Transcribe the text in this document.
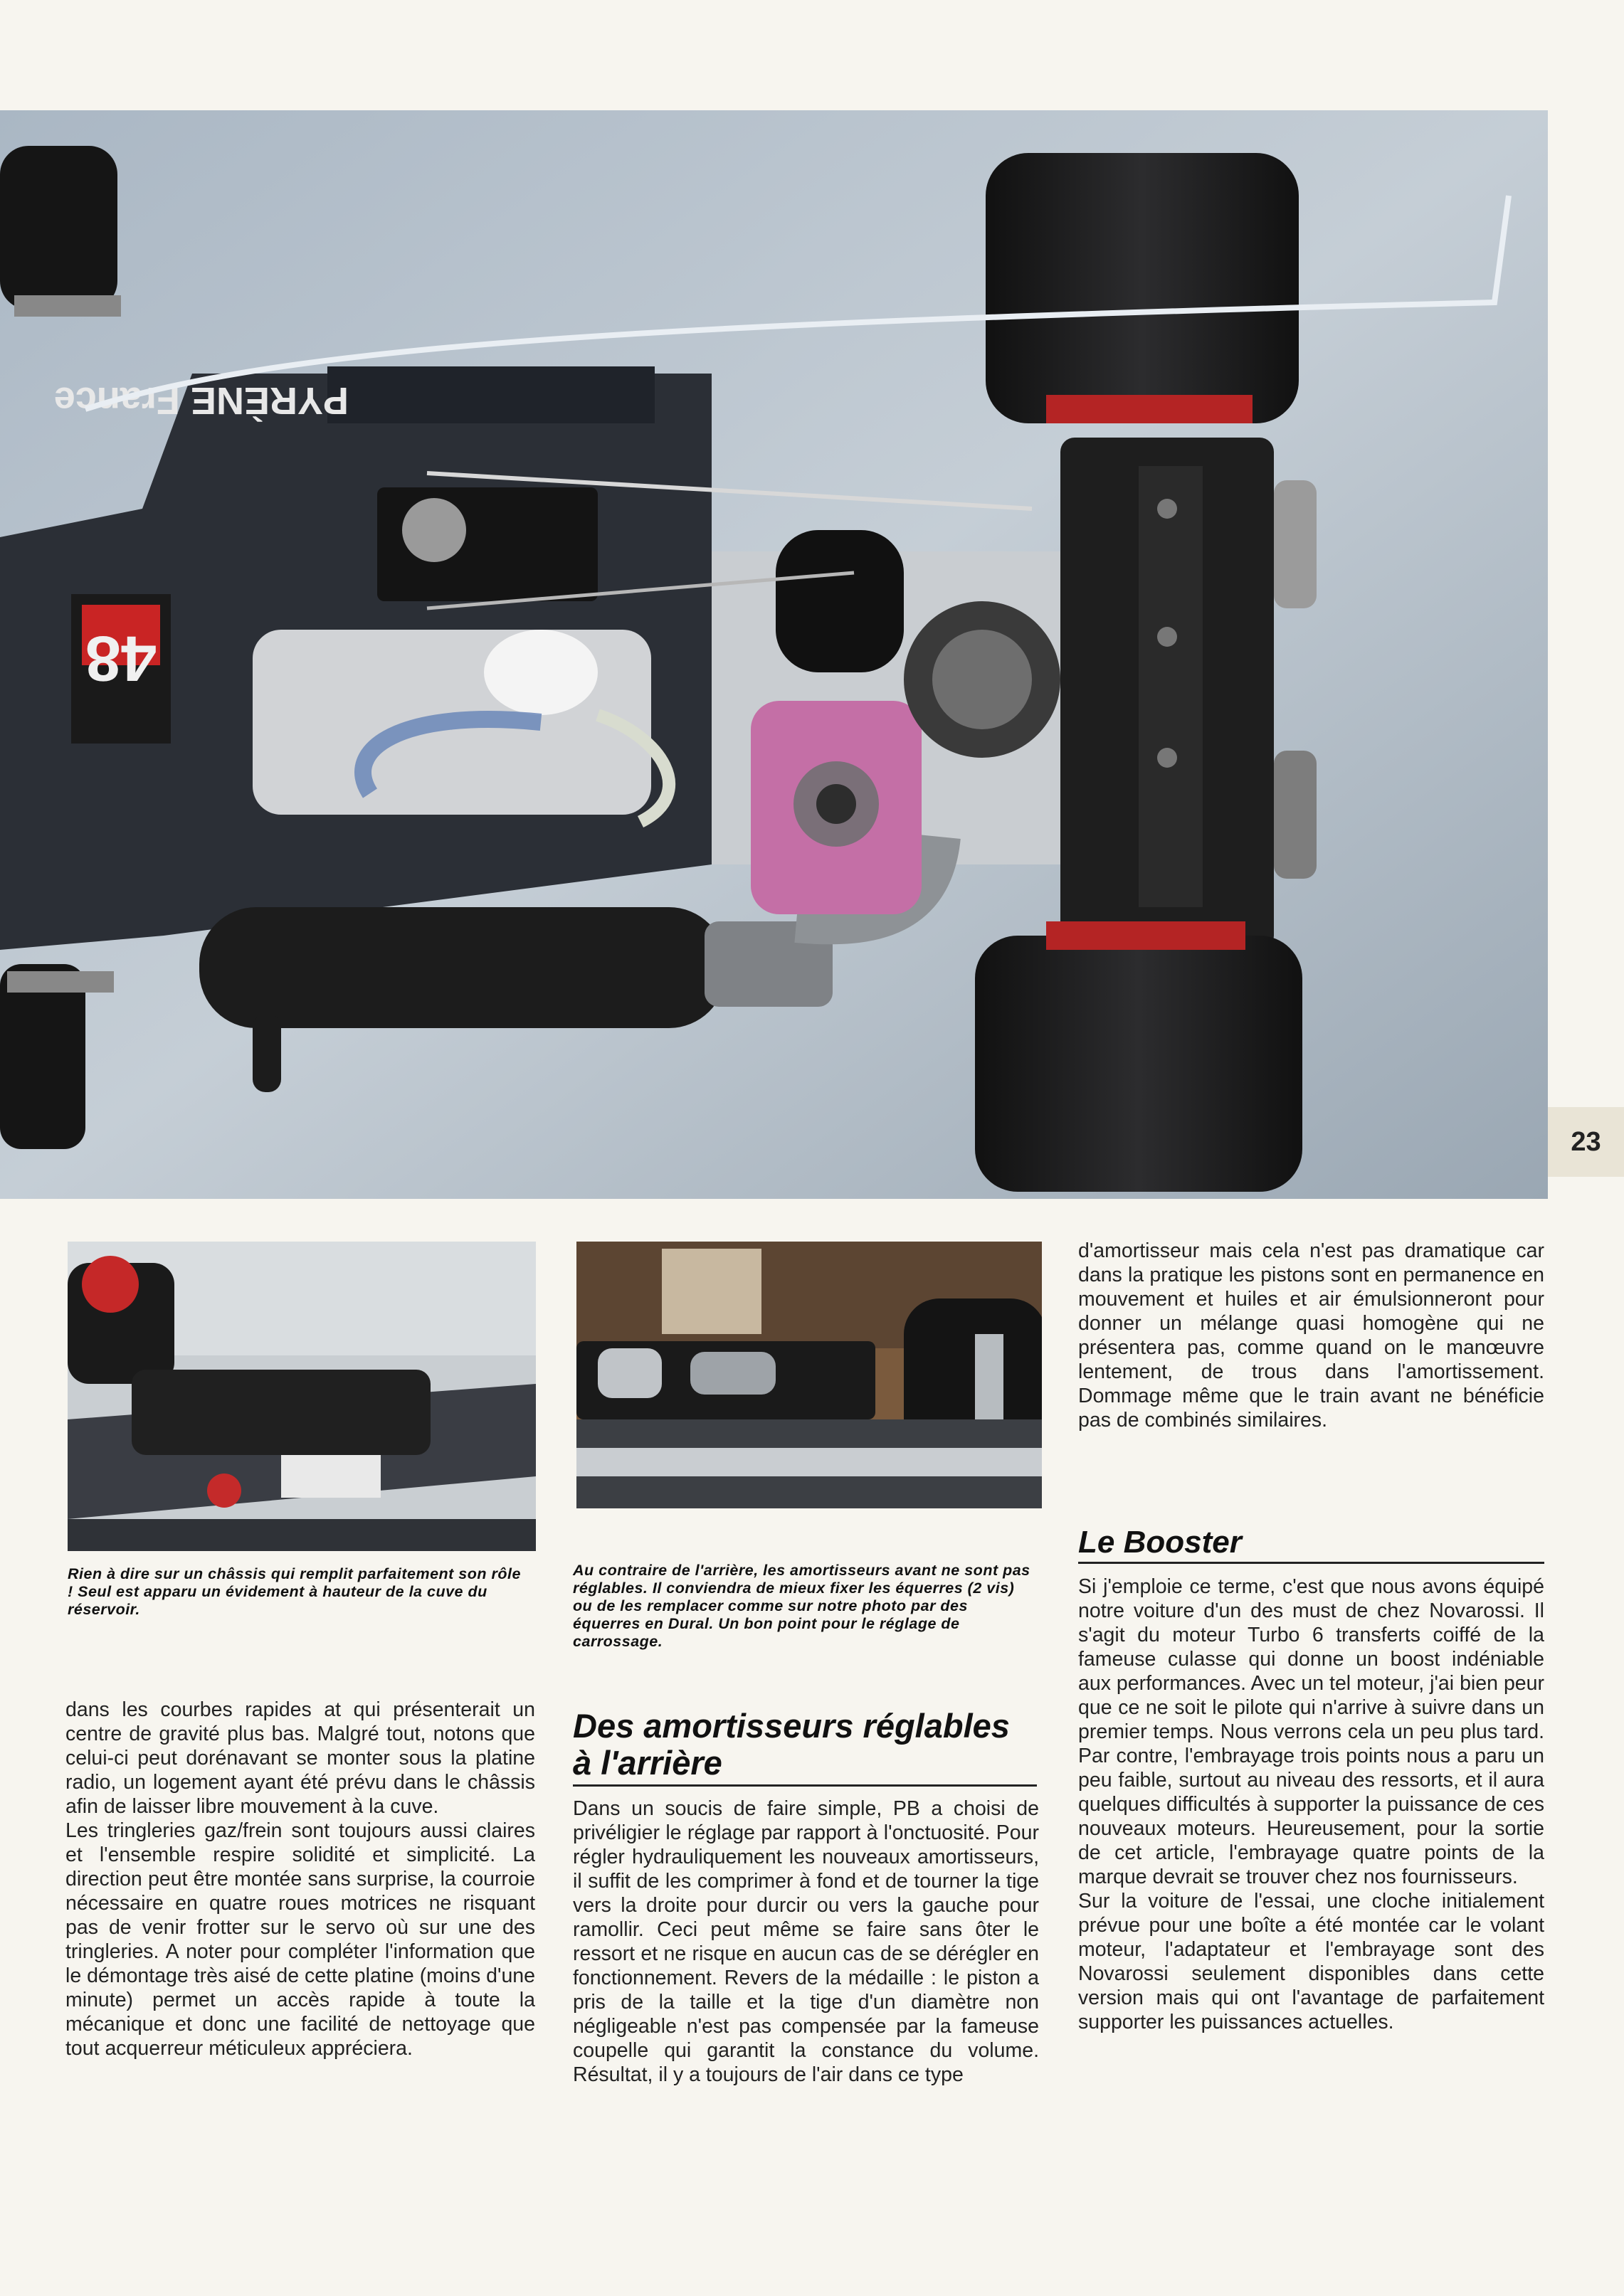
PYRÈNE France
48
23
Rien à dire sur un châssis qui remplit parfaitement son rôle ! Seul est apparu un évidement à hauteur de la cuve du réservoir.
Au contraire de l'arrière, les amortisseurs avant ne sont pas réglables. Il conviendra de mieux fixer les équerres (2 vis) ou de les remplacer comme sur notre photo par des équerres en Dural. Un bon point pour le réglage de carrossage.

dans les courbes rapides at qui présenterait un centre de gravité plus bas. Malgré tout, notons que celui-ci peut dorénavant se monter sous la platine radio, un logement ayant été prévu dans le châssis afin de laisser libre mouvement à la cuve.
Les tringleries gaz/frein sont toujours aussi claires et l'ensemble respire solidité et simplicité. La direction peut être montée sans surprise, la courroie nécessaire en quatre roues motrices ne risquant pas de venir frotter sur le servo où sur une des tringleries. A noter pour compléter l'information que le démontage très aisé de cette platine (moins d'une minute) permet un accès rapide à toute la mécanique et donc une facilité de nettoyage que tout acquerreur méticuleux appréciera.

Des amortisseurs réglables à l'arrière

Dans un soucis de faire simple, PB a choisi de privéligier le réglage par rapport à l'onctuosité. Pour régler hydrauliquement les nouveaux amortisseurs, il suffit de les comprimer à fond et de tourner la tige vers la droite pour durcir ou vers la gauche pour ramollir. Ceci peut même se faire sans ôter le ressort et ne risque en aucun cas de se dérégler en fonctionnement. Revers de la médaille : le piston a pris de la taille et la tige d'un diamètre non négligeable n'est pas compensée par la fameuse coupelle qui garantit la constance du volume. Résultat, il y a toujours de l'air dans ce type

d'amortisseur mais cela n'est pas dramatique car dans la pratique les pistons sont en permanence en mouvement et huiles et air émulsionneront pour donner un mélange quasi homogène qui ne présentera pas, comme quand on le manœuvre lentement, de trous dans l'amortissement. Dommage même que le train avant ne bénéficie pas de combinés similaires.

Le Booster

Si j'emploie ce terme, c'est que nous avons équipé notre voiture d'un des must de chez Novarossi. Il s'agit du moteur Turbo 6 transferts coiffé de la fameuse culasse qui donne un boost indéniable aux performances. Avec un tel moteur, j'ai bien peur que ce ne soit le pilote qui n'arrive à suivre dans un premier temps. Nous verrons cela un peu plus tard. Par contre, l'embrayage trois points nous a paru un peu faible, surtout au niveau des ressorts, et il aura quelques difficultés à supporter la puissance de ces nouveaux moteurs. Heureusement, pour la sortie de cet article, l'embrayage quatre points de la marque devrait se trouver chez nos fournisseurs.
Sur la voiture de l'essai, une cloche initialement prévue pour une boîte a été montée car le volant moteur, l'adaptateur et l'embrayage sont des Novarossi seulement disponibles dans cette version mais qui ont l'avantage de parfaitement supporter les puissances actuelles.
